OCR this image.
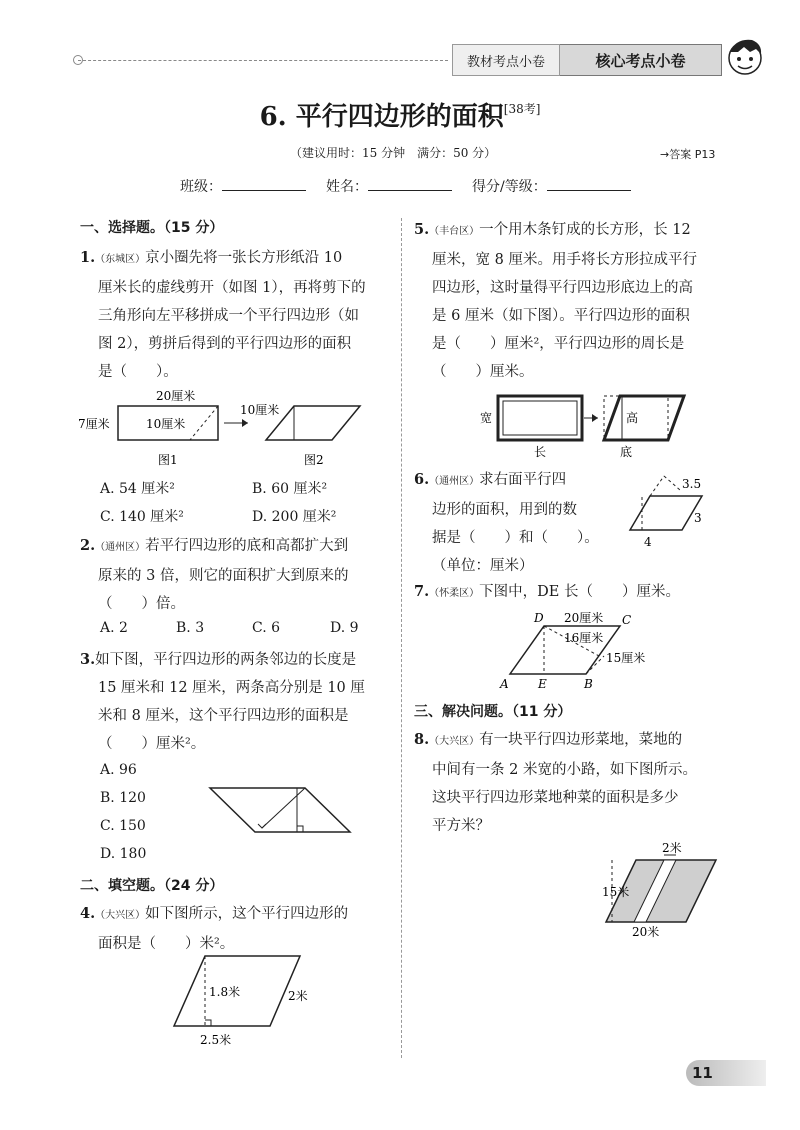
教材考点小卷	核心考点小卷
6. 平行四边形的面积[38考]
（建议用时：15 分钟　满分：50 分）	→答案 P13
班级：	姓名：	得分/等级：
一、选择题。（15 分）
1.（东城区）京小圈先将一张长方形纸沿 10
厘米长的虚线剪开（如图 1），再将剪下的
三角形向左平移拼成一个平行四边形（如
图 2），剪拼后得到的平行四边形的面积
是（　　）。
20厘米
7厘米	10厘米
10厘米
图1	图2
A. 54 厘米²	B. 60 厘米²
C. 140 厘米²	D. 200 厘米²
2.（通州区）若平行四边形的底和高都扩大到
原来的 3 倍，则它的面积扩大到原来的
（　　）倍。
A. 2	B. 3	C. 6	D. 9
3.如下图，平行四边形的两条邻边的长度是
15 厘米和 12 厘米，两条高分别是 10 厘
米和 8 厘米，这个平行四边形的面积是
（　　）厘米²。
A. 96
B. 120
C. 150
D. 180
二、填空题。（24 分）
4.（大兴区）如下图所示，这个平行四边形的
面积是（　　）米²。
1.8米	2米
2.5米
5.（丰台区）一个用木条钉成的长方形，长 12
厘米，宽 8 厘米。用手将长方形拉成平行
四边形，这时量得平行四边形底边上的高
是 6 厘米（如下图）。平行四边形的面积
是（　　）厘米²，平行四边形的周长是
（　　）厘米。
宽
长
高
底
6.（通州区）求右面平行四
边形的面积，用到的数
据是（　　）和（　　）。
（单位：厘米）
3.5
3
4
7.（怀柔区）下图中，DE 长（　　）厘米。
D	C
A E	B
20厘米
16厘米
15厘米
三、解决问题。（11 分）
8.（大兴区）有一块平行四边形菜地，菜地的
中间有一条 2 米宽的小路，如下图所示。
这块平行四边形菜地种菜的面积是多少
平方米？
2米
15米
20米
11
